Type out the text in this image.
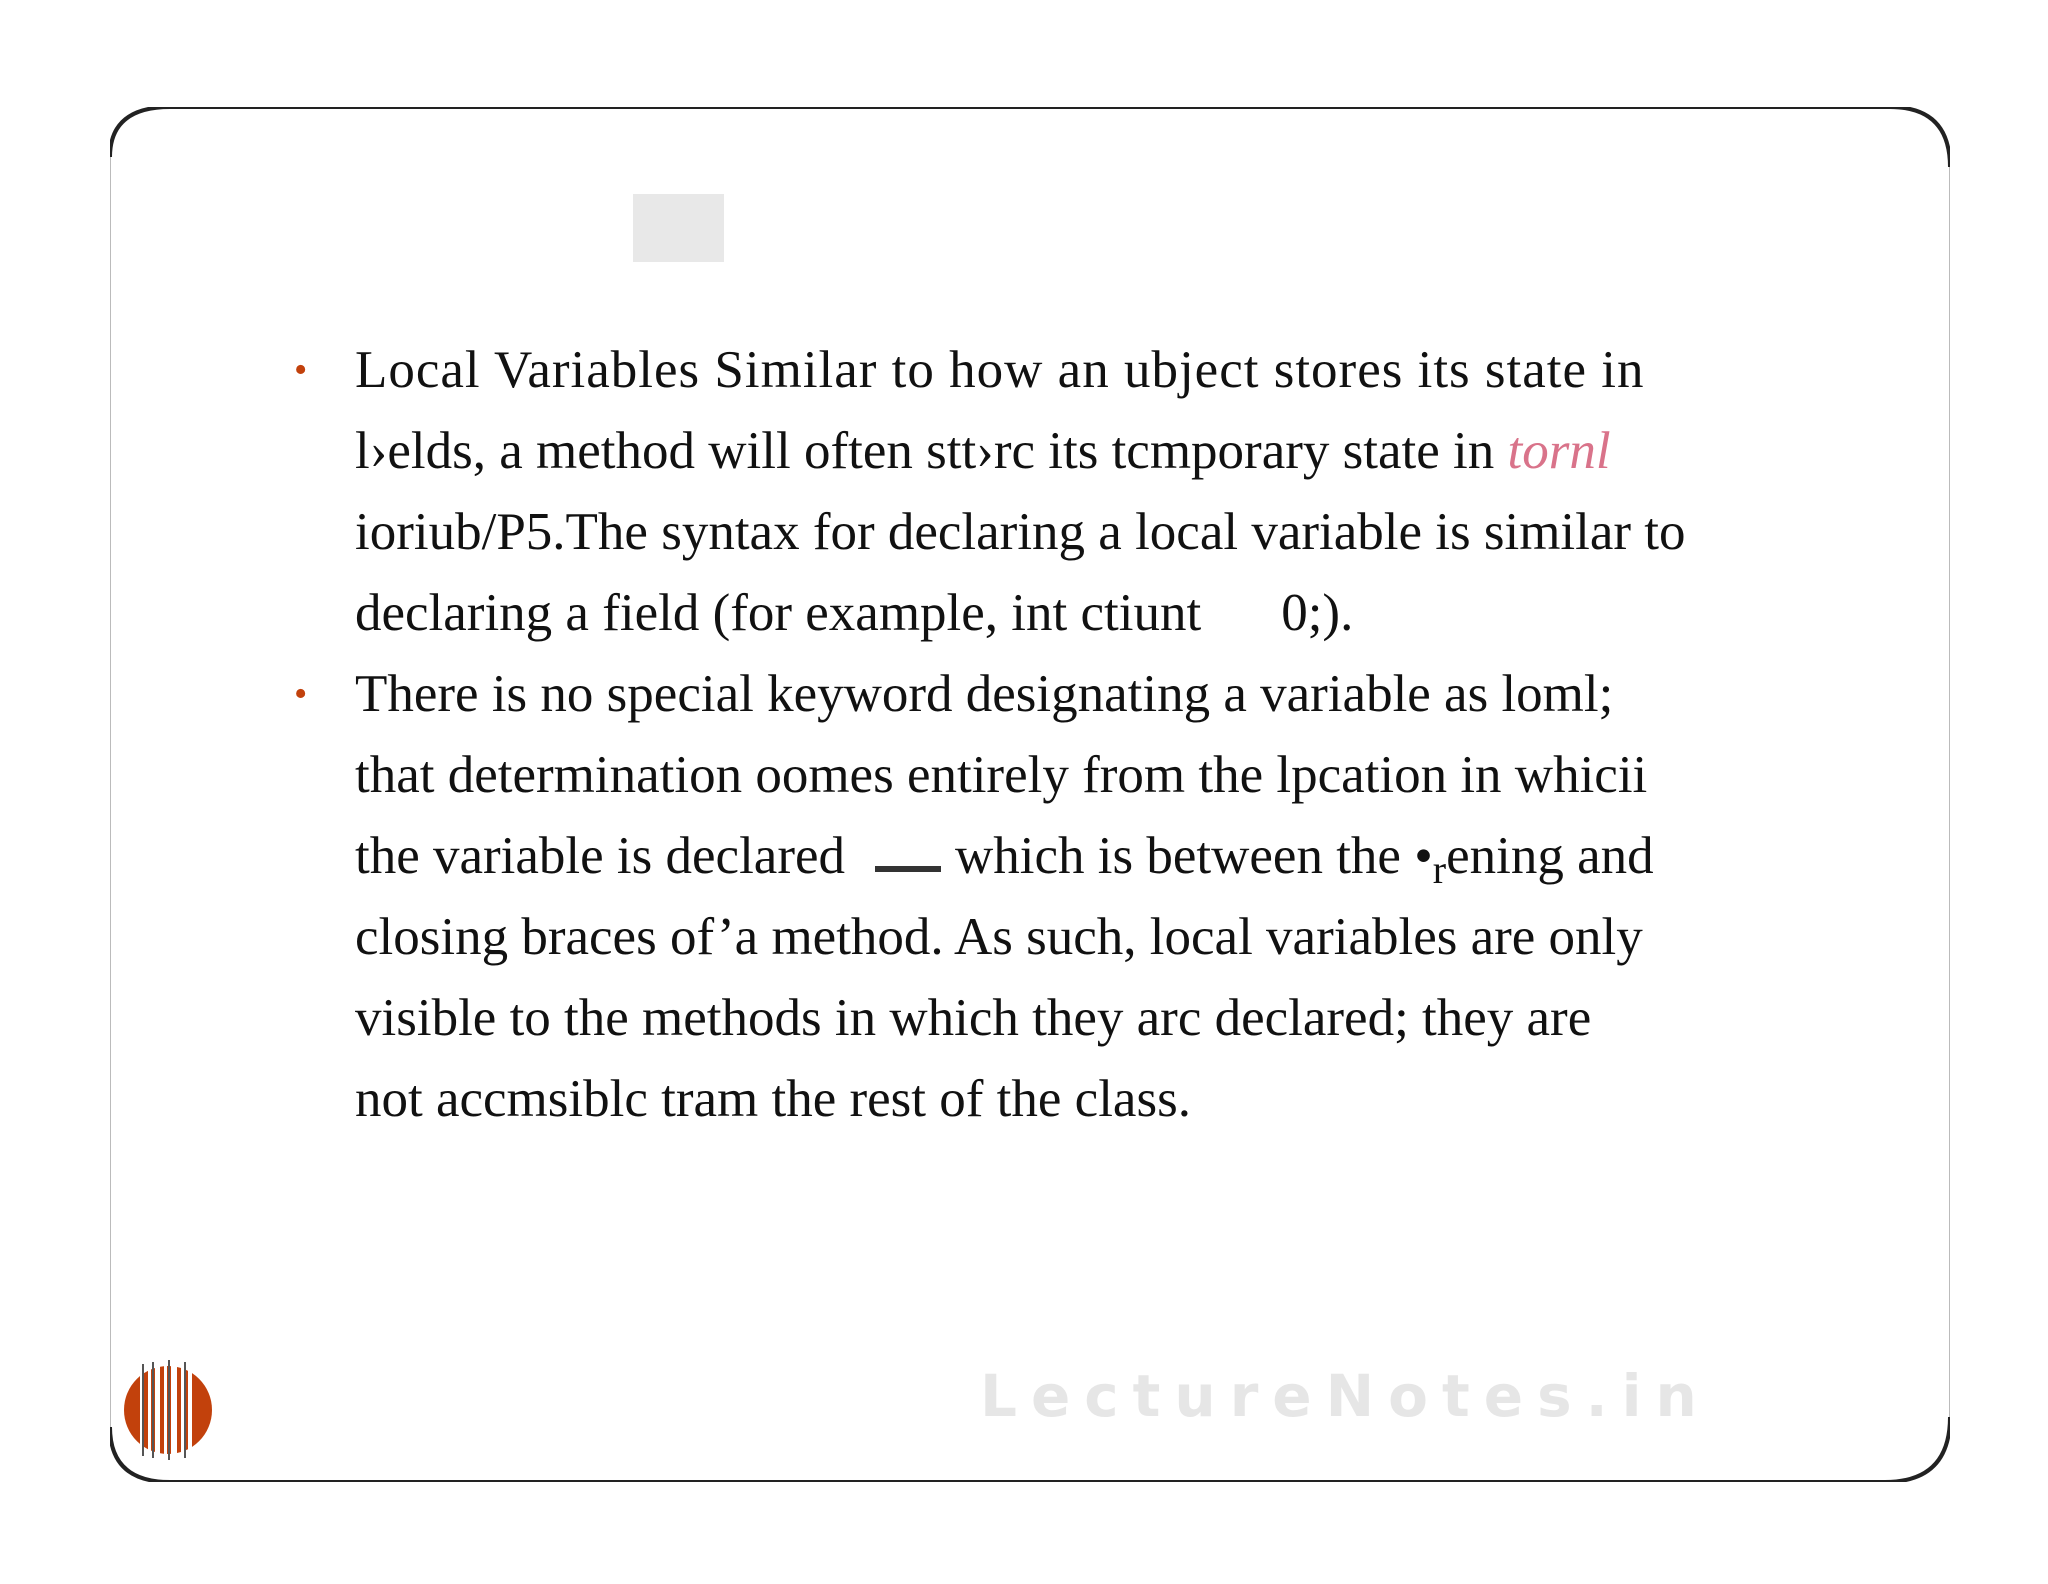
• Local Variables Similar to how an ubject stores its state in
l›elds, a method will often stt›rc its tcmporary state in tornl
ioriub/P5.The syntax for declaring a local variable is similar to
declaring a field (for example, int ctiunt 0;).
• There is no special keyword designating a variable as loml;
that determination oomes entirely from the lpcation in whicii
the variable is declared which is between the •rening and
closing braces of’a method. As such, local variables are only
visible to the methods in which they arc declared; they are
not accmsiblc tram the rest of the class.
LectureNotes.in
